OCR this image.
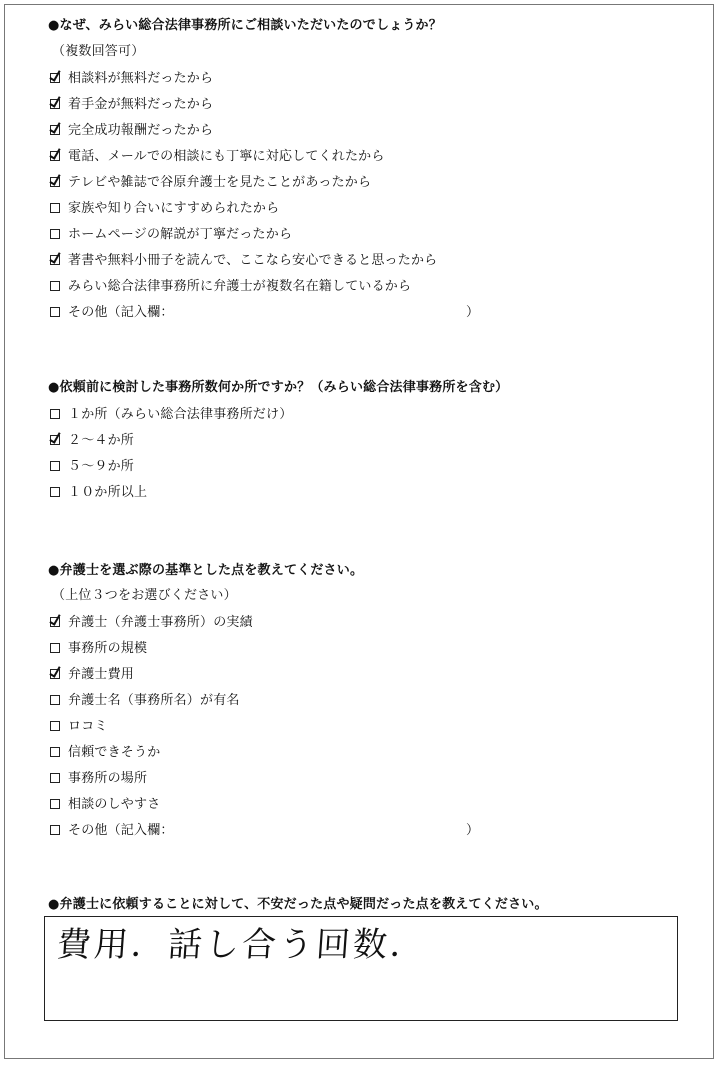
●なぜ、みらい総合法律事務所にご相談いただいたのでしょうか？
（複数回答可）
相談料が無料だったから
着手金が無料だったから
完全成功報酬だったから
電話、メールでの相談にも丁寧に対応してくれたから
テレビや雑誌で谷原弁護士を見たことがあったから
家族や知り合いにすすめられたから
ホームページの解説が丁寧だったから
著書や無料小冊子を読んで、ここなら安心できると思ったから
みらい総合法律事務所に弁護士が複数名在籍しているから
その他（記入欄：	）
●依頼前に検討した事務所数何か所ですか？（みらい総合法律事務所を含む）
１か所（みらい総合法律事務所だけ）
２～４か所
５～９か所
１０か所以上
●弁護士を選ぶ際の基準とした点を教えてください。
（上位３つをお選びください）
弁護士（弁護士事務所）の実績
事務所の規模
弁護士費用
弁護士名（事務所名）が有名
ロコミ
信頼できそうか
事務所の場所
相談のしやすさ
その他（記入欄：	）
●弁護士に依頼することに対して、不安だった点や疑問だった点を教えてください。
費用．話し合う回数．
